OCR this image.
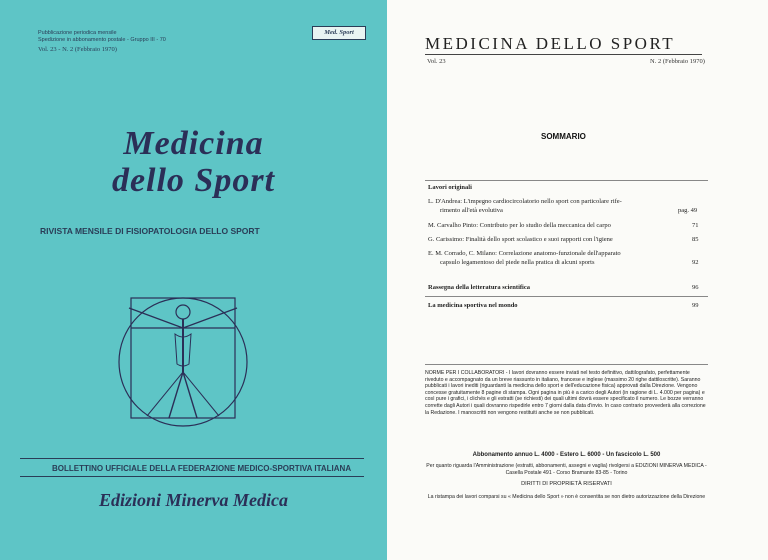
Pubblicazione periodica mensile
Spedizione in abbonamento postale - Gruppo III - 70
Vol. 23 - N. 2 (Febbraio 1970)
Med. Sport
Medicina
dello Sport
RIVISTA MENSILE DI FISIOPATOLOGIA DELLO SPORT
BOLLETTINO UFFICIALE DELLA FEDERAZIONE MEDICO-SPORTIVA ITALIANA
Edizioni Minerva Medica
MEDICINA DELLO SPORT
Vol. 23	N. 2 (Febbraio 1970)
SOMMARIO
Lavori originali
L. D'Andrea: L'impegno cardiocircolatorio nello sport con particolare rife-
rimento all'età evolutiva	pag. 49
M. Carvalho Pinto: Contributo per lo studio della meccanica del carpo	71
G. Carissimo: Finalità dello sport scolastico e suoi rapporti con l'igiene	85
E. M. Corrado, C. Milano: Correlazione anatomo-funzionale dell'apparato
capsulo legamentoso del piede nella pratica di alcuni sports	92
Rassegna della letteratura scientifica	96
La medicina sportiva nel mondo	99
NORME PER I COLLABORATORI - I lavori dovranno essere inviati nel testo definitivo, dattilografato, perfettamente riveduto e accompagnato da un breve riassunto in italiano, francese e inglese (massimo 20 righe dattiloscritte). Saranno pubblicati i lavori inediti (riguardanti la medicina dello sport e dell'educazione fisica) approvati dalla Direzione. Vengono concesse gratuitamente 8 pagine di stampa. Ogni pagina in più è a carico degli Autori (in ragione di L. 4.000 per pagina) e così pure i grafici, i clichés e gli estratti (se richiesti) dei quali ultimi dovrà essere specificato il numero. Le bozze verranno corrette dagli Autori i quali dovranno rispedirle entro 7 giorni dalla data d'invio. In caso contrario provvederà alla correzione la Redazione. I manoscritti non vengono restituiti anche se non pubblicati.
Abbonamento annuo L. 4000 - Estero L. 6000 - Un fascicolo L. 500
Per quanto riguarda l'Amministrazione (estratti, abbonamenti, assegni e vaglia) rivolgersi a EDIZIONI MINERVA MEDICA - Casella Postale 491 - Corso Bramante 83-85 - Torino
DIRITTI DI PROPRIETÀ RISERVATI
La ristampa dei lavori comparsi su « Medicina dello Sport » non è consentita se non dietro autorizzazione della Direzione
